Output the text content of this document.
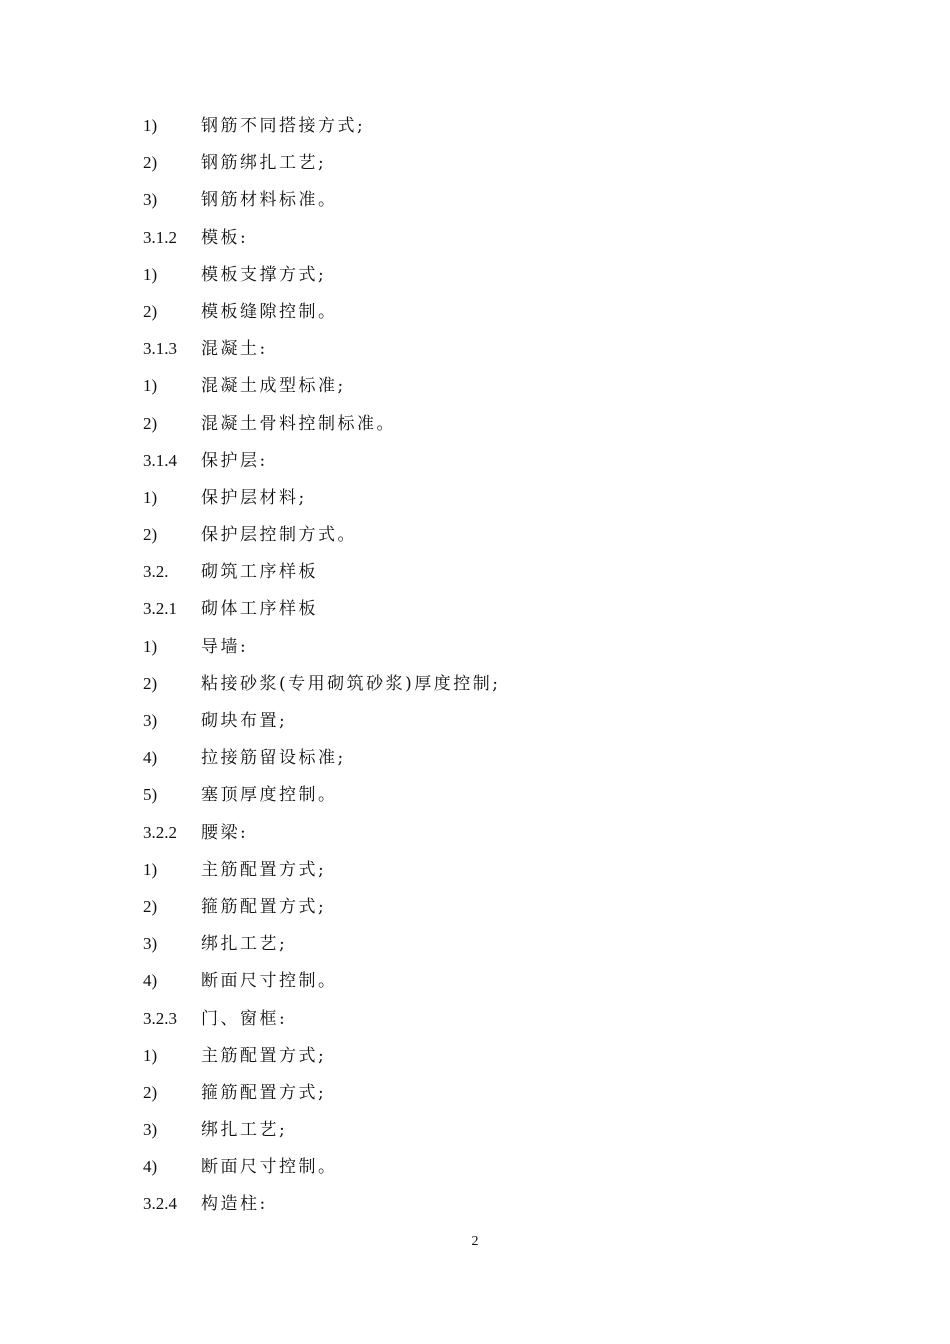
1)	钢筋不同搭接方式;
2)	钢筋绑扎工艺;
3)	钢筋材料标准。
3.1.2	模板:
1)	模板支撑方式;
2)	模板缝隙控制。
3.1.3	混凝土:
1)	混凝土成型标准;
2)	混凝土骨料控制标准。
3.1.4	保护层:
1)	保护层材料;
2)	保护层控制方式。
3.2.	砌筑工序样板
3.2.1	砌体工序样板
1)	导墙:
2)	粘接砂浆(专用砌筑砂浆)厚度控制;
3)	砌块布置;
4)	拉接筋留设标准;
5)	塞顶厚度控制。
3.2.2	腰梁:
1)	主筋配置方式;
2)	箍筋配置方式;
3)	绑扎工艺;
4)	断面尺寸控制。
3.2.3	门、窗框:
1)	主筋配置方式;
2)	箍筋配置方式;
3)	绑扎工艺;
4)	断面尺寸控制。
3.2.4	构造柱:
2
